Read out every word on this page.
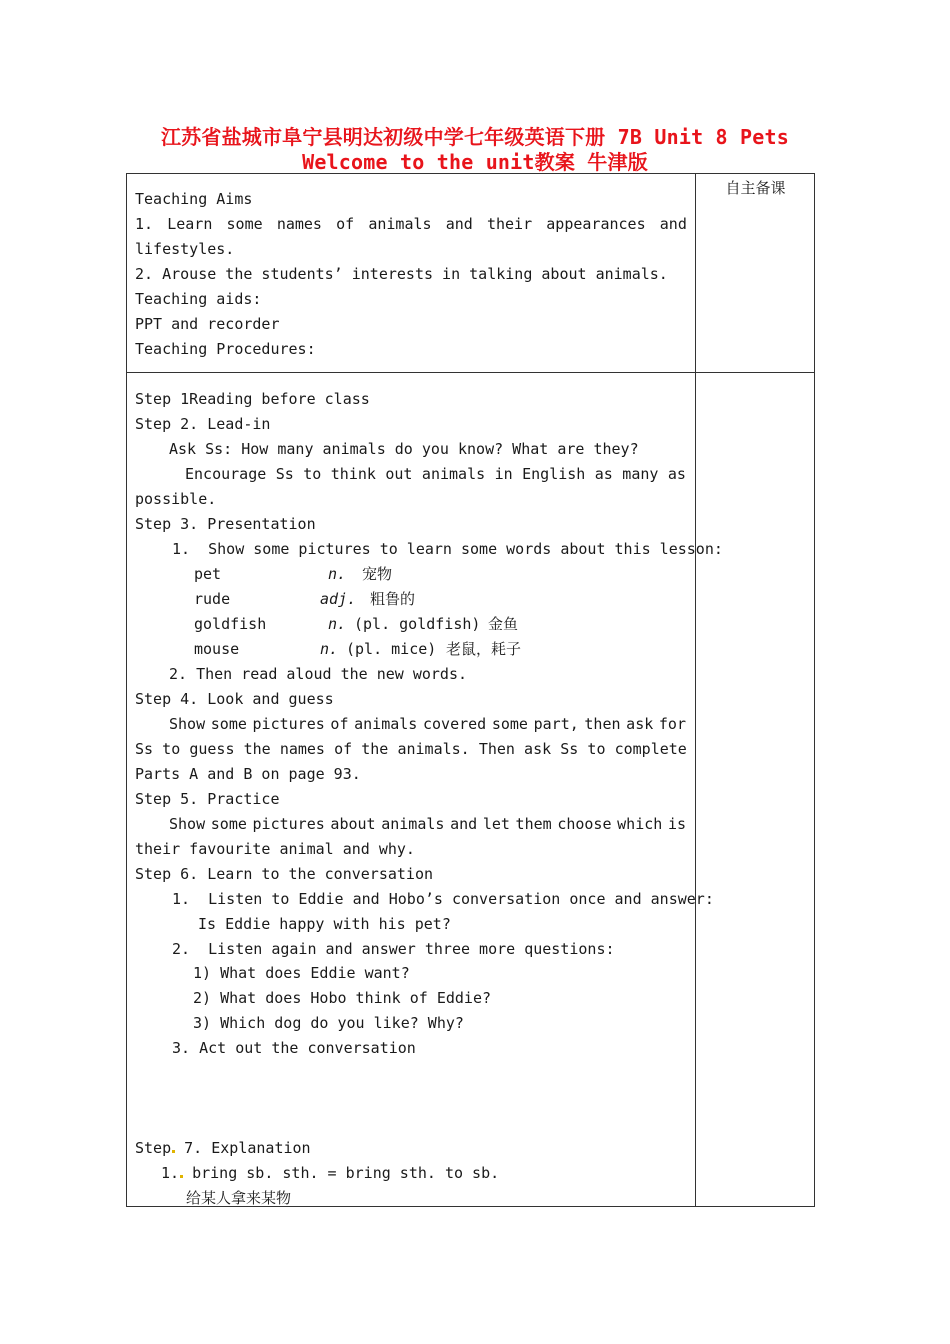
江苏省盐城市阜宁县明达初级中学七年级英语下册 7B Unit 8 Pets
Welcome to the unit教案 牛津版
自主备课
Teaching Aims
1. Learn some names of animals and their appearances and
lifestyles.
2. Arouse the students’ interests in talking about animals.
Teaching aids:
PPT and recorder
Teaching Procedures:
Step 1Reading before class
Step 2. Lead-in
Ask Ss: How many animals do you know? What are they?
Encourage Ss to think out animals in English as many as
possible.
Step 3. Presentation
1.  Show some pictures to learn some words about this lesson:
pet	n. 宠物
rude	adj. 粗鲁的
goldfish	n. (pl. goldfish) 金鱼
mouse	n. (pl. mice) 老鼠，耗子
2. Then read aloud the new words.
Step 4. Look and guess
Show some pictures of animals covered some part, then ask for
Ss to guess the names of the animals. Then ask Ss to complete
Parts A and B on page 93.
Step 5. Practice
Show some pictures about animals and let them choose which is
their favourite animal and why.
Step 6. Learn to the conversation
1.  Listen to Eddie and Hobo’s conversation once and answer:
Is Eddie happy with his pet?
2.  Listen again and answer three more questions:
1) What does Eddie want?
2) What does Hobo think of Eddie?
3) Which dog do you like? Why?
3. Act out the conversation
Step 7. Explanation
1. bring sb. sth. = bring sth. to sb.
给某人拿来某物
